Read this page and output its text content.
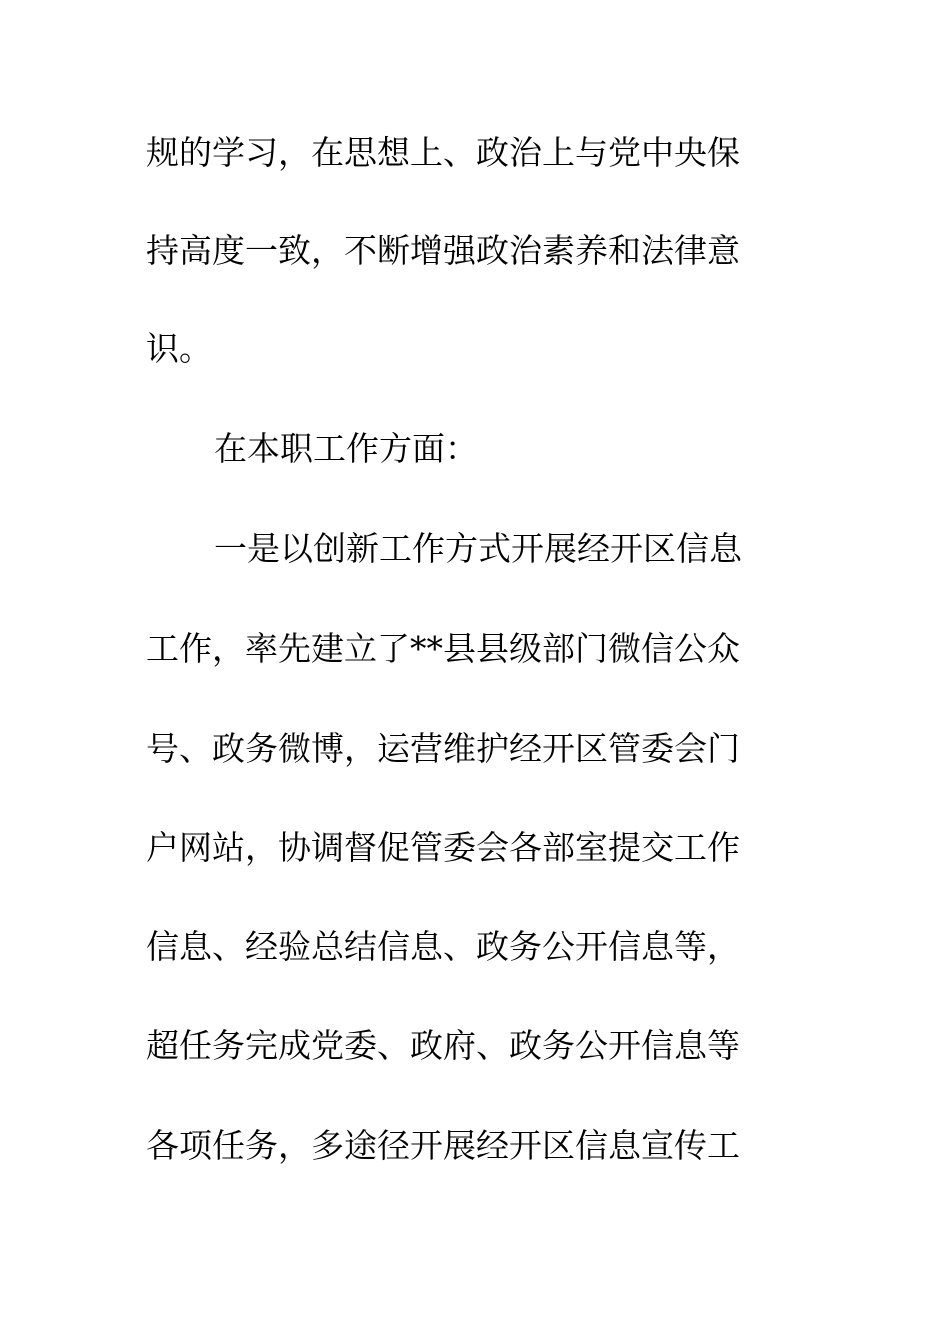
规的学习，在思想上、政治上与党中央保
持高度一致，不断增强政治素养和法律意
识。
在本职工作方面：
一是以创新工作方式开展经开区信息
工作，率先建立了**县县级部门微信公众
号、政务微博，运营维护经开区管委会门
户网站，协调督促管委会各部室提交工作
信息、经验总结信息、政务公开信息等，
超任务完成党委、政府、政务公开信息等
各项任务，多途径开展经开区信息宣传工
